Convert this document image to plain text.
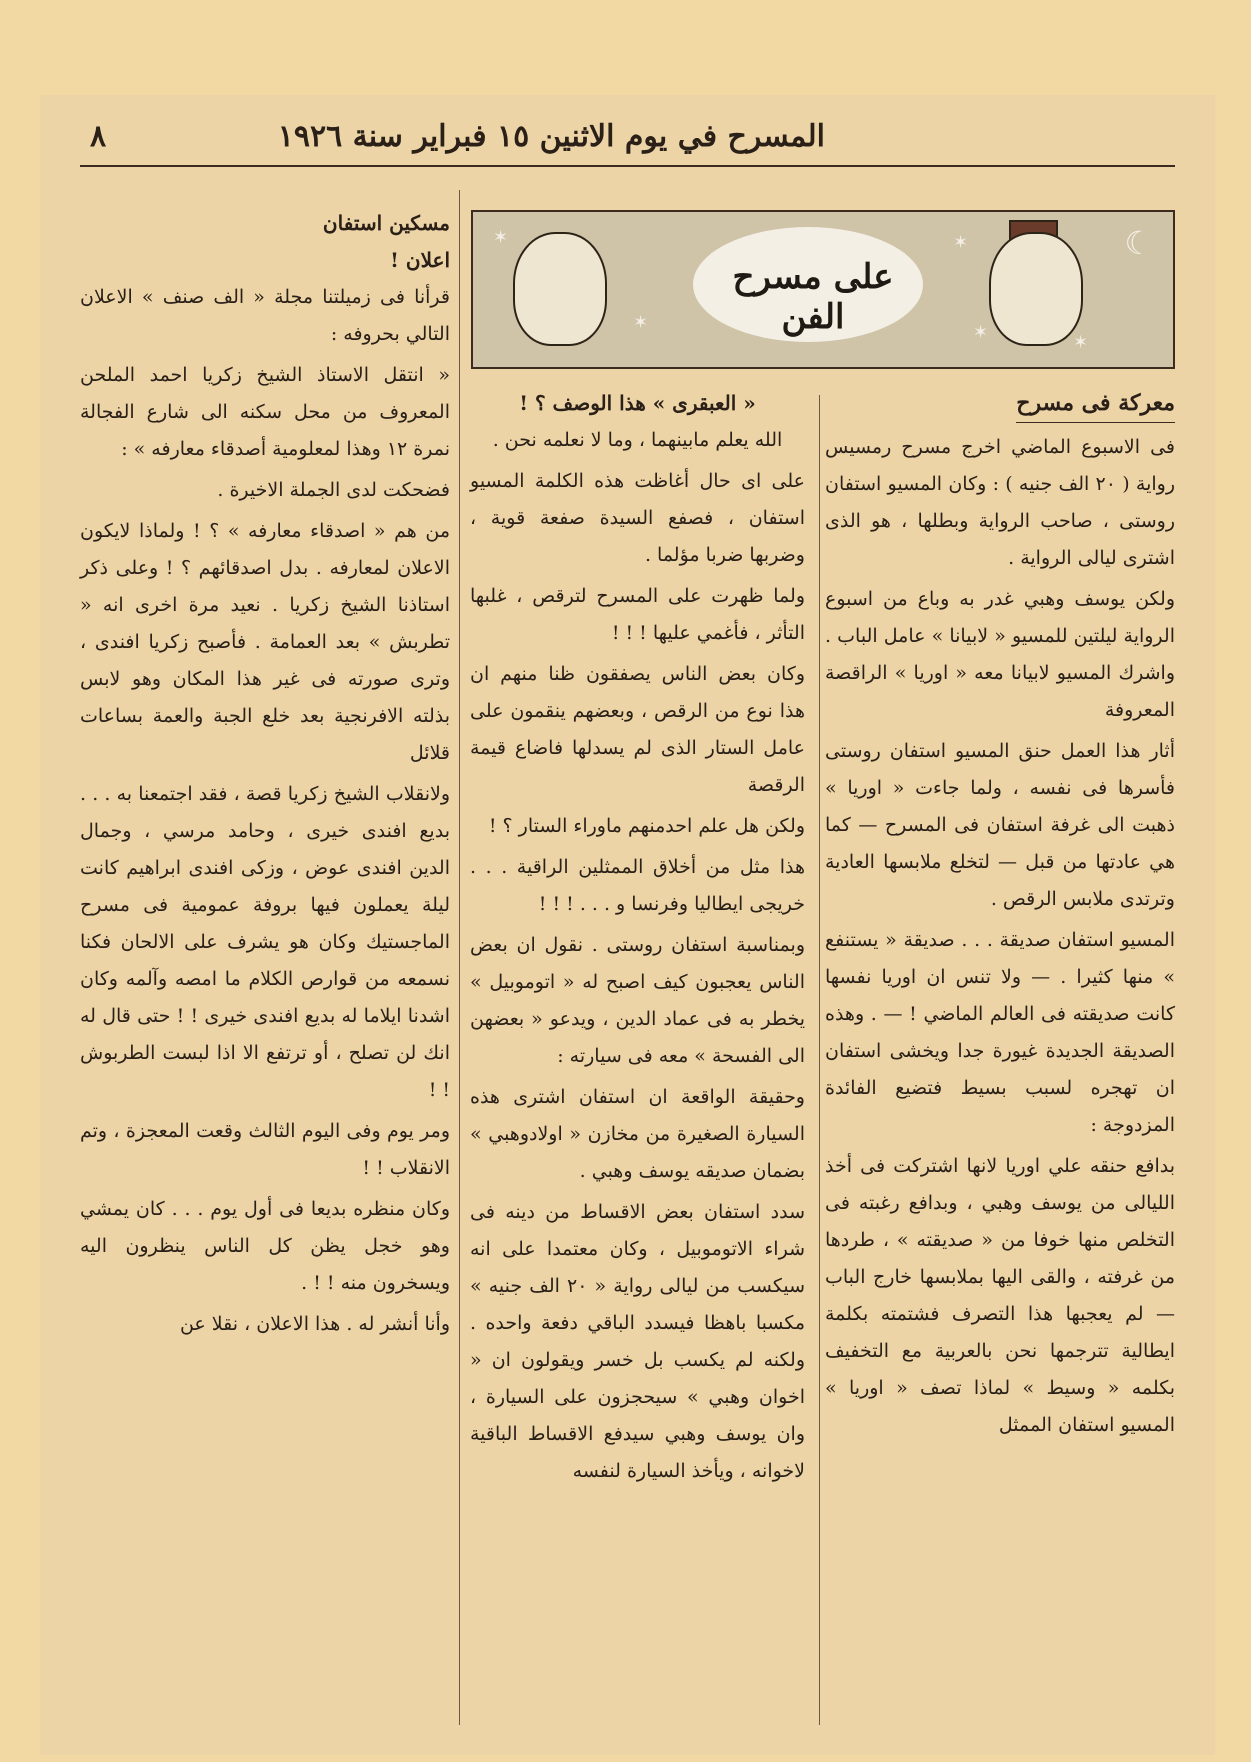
المسرح في يوم الاثنين ١٥ فبراير سنة ١٩٢٦
٨
☾
✶
✶
✶
✶	✶
على مسرح الفن
معركة فى مسرح

فى الاسبوع الماضي اخرج مسرح رمسيس رواية ( ٢٠ الف جنيه ) : وكان المسيو استفان روستى ، صاحب الرواية وبطلها ، هو الذى اشترى ليالى الرواية .

ولكن يوسف وهبي غدر به وباع من اسبوع الرواية ليلتين للمسيو « لابيانا » عامل الباب . واشرك المسيو لابيانا معه « اوريا » الراقصة المعروفة

أثار هذا العمل حنق المسيو استفان روستى فأسرها فى نفسه ، ولما جاءت « اوريا » ذهبت الى غرفة استفان فى المسرح — كما هي عادتها من قبل — لتخلع ملابسها العادية وترتدى ملابس الرقص .

المسيو استفان صديقة . . . صديقة « يستنفع » منها كثيرا . — ولا تنس ان اوريا نفسها كانت صديقته فى العالم الماضي ! — . وهذه الصديقة الجديدة غيورة جدا ويخشى استفان ان تهجره لسبب بسيط فتضيع الفائدة المزدوجة :

بدافع حنقه علي اوريا لانها اشتركت فى أخذ الليالى من يوسف وهبي ، وبدافع رغبته فى التخلص منها خوفا من « صديقته » ، طردها من غرفته ، والقى اليها بملابسها خارج الباب — لم يعجبها هذا التصرف فشتمته بكلمة ايطالية تترجمها نحن بالعربية مع التخفيف بكلمه « وسيط » لماذا تصف « اوريا » المسيو استفان الممثل

« العبقرى » هذا الوصف ؟ !

الله يعلم مابينهما ، وما لا نعلمه نحن .

على اى حال أغاظت هذه الكلمة المسيو استفان ، فصفع السيدة صفعة قوية ، وضربها ضربا مؤلما .

ولما ظهرت على المسرح لترقص ، غلبها التأثر ، فأغمي عليها ! ! !

وكان بعض الناس يصفقون ظنا منهم ان هذا نوع من الرقص ، وبعضهم ينقمون على عامل الستار الذى لم يسدلها فاضاع قيمة الرقصة

ولكن هل علم احدمنهم ماوراء الستار ؟ !

هذا مثل من أخلاق الممثلين الراقية . . . خريجى ايطاليا وفرنسا و . . . ! ! !

وبمناسبة استفان روستى . نقول ان بعض الناس يعجبون كيف اصبح له « اتوموبيل » يخطر به فى عماد الدين ، ويدعو « بعضهن الى الفسحة » معه فى سيارته :

وحقيقة الواقعة ان استفان اشترى هذه السيارة الصغيرة من مخازن « اولادوهبي » بضمان صديقه يوسف وهبي .

سدد استفان بعض الاقساط من دينه فى شراء الاتوموبيل ، وكان معتمدا على انه سيكسب من ليالى رواية « ٢٠ الف جنيه » مكسبا باهظا فيسدد الباقي دفعة واحده . ولكنه لم يكسب بل خسر ويقولون ان « اخوان وهبي » سيحجزون على السيارة ، وان يوسف وهبي سيدفع الاقساط الباقية لاخوانه ، ويأخذ السيارة لنفسه

مسكين استفان
اعلان !

قرأنا فى زميلتنا مجلة « الف صنف » الاعلان التالي بحروفه :

« انتقل الاستاذ الشيخ زكريا احمد الملحن المعروف من محل سكنه الى شارع الفجالة نمرة ١٢ وهذا لمعلومية أصدقاء معارفه » :

فضحكت لدى الجملة الاخيرة .

من هم « اصدقاء معارفه » ؟ ! ولماذا لايكون الاعلان لمعارفه . بدل اصدقائهم ؟ ! وعلى ذكر استاذنا الشيخ زكريا . نعيد مرة اخرى انه « تطربش » بعد العمامة . فأصبح زكريا افندى ، وترى صورته فى غير هذا المكان وهو لابس بذلته الافرنجية بعد خلع الجبة والعمة بساعات قلائل

ولانقلاب الشيخ زكريا قصة ، فقد اجتمعنا به . . . بديع افندى خيرى ، وحامد مرسي ، وجمال الدين افندى عوض ، وزكى افندى ابراهيم كانت ليلة يعملون فيها بروفة عمومية فى مسرح الماجستيك وكان هو يشرف على الالحان فكنا نسمعه من قوارص الكلام ما امصه وآلمه وكان اشدنا ايلاما له بديع افندى خيرى ! ! حتى قال له انك لن تصلح ، أو ترتفع الا اذا لبست الطربوش ! !

ومر يوم وفى اليوم الثالث وقعت المعجزة ، وتم الانقلاب ! !

وكان منظره بديعا فى أول يوم . . . كان يمشي وهو خجل يظن كل الناس ينظرون اليه ويسخرون منه ! ! .

وأنا أنشر له . هذا الاعلان ، نقلا عن
